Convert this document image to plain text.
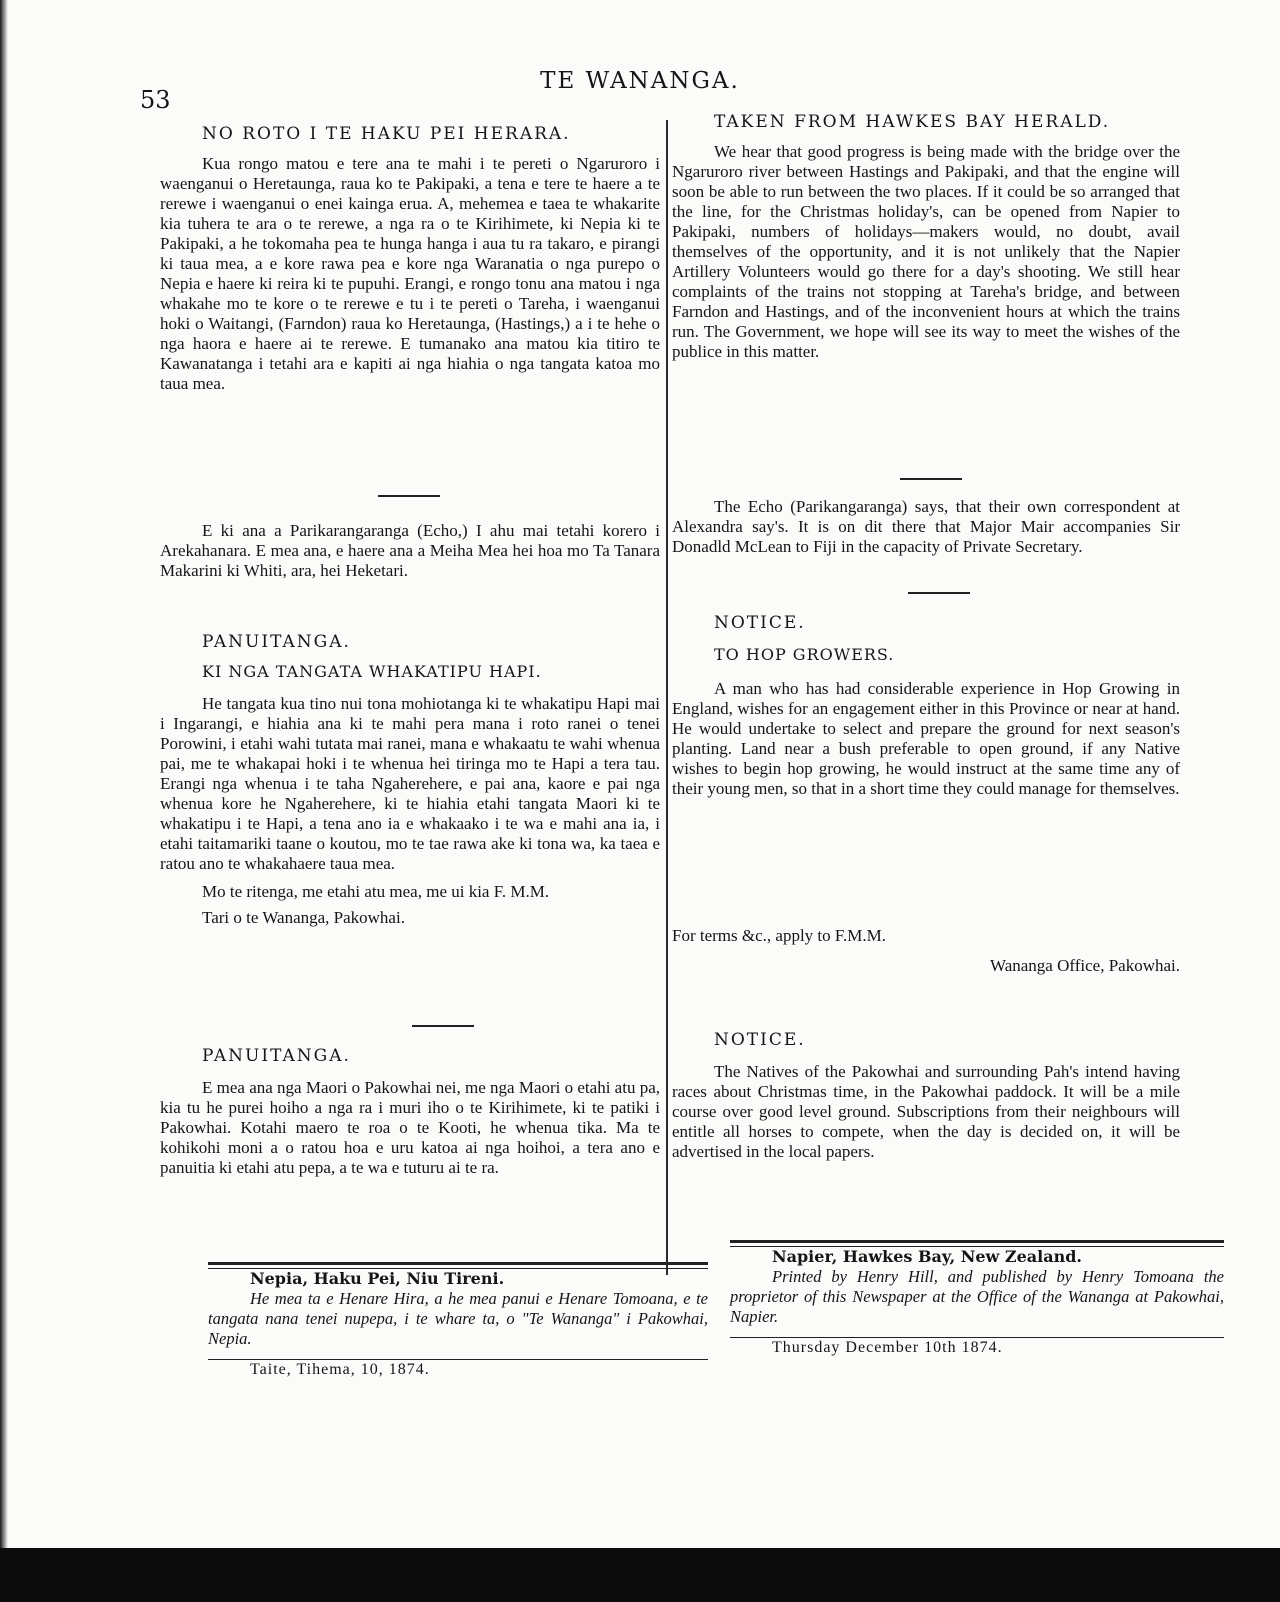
53
TE WANANGA.

NO ROTO I TE HAKU PEI HERARA.

Kua rongo matou e tere ana te mahi i te pereti o Ngaruroro i waenganui o Heretaunga, raua ko te Pakipaki, a tena e tere te haere a te rerewe i waenganui o enei kainga erua. A, mehemea e taea te whakarite kia tuhera te ara o te rerewe, a nga ra o te Kirihimete, ki Nepia ki te Pakipaki, a he tokomaha pea te hunga hanga i aua tu ra takaro, e pirangi ki taua mea, a e kore rawa pea e kore nga Waranatia o nga purepo o Nepia e haere ki reira ki te pupuhi. Erangi, e rongo tonu ana matou i nga whakahe mo te kore o te rerewe e tu i te pereti o Tareha, i waenganui hoki o Waitangi, (Farndon) raua ko Heretaunga, (Hastings,) a i te hehe o nga haora e haere ai te rerewe. E tumanako ana matou kia titiro te Kawanatanga i tetahi ara e kapiti ai nga hiahia o nga tangata katoa mo taua mea.

E ki ana a Parikarangaranga (Echo,) I ahu mai tetahi korero i Arekahanara. E mea ana, e haere ana a Meiha Mea hei hoa mo Ta Tanara Makarini ki Whiti, ara, hei Heketari.

PANUITANGA.

KI NGA TANGATA WHAKATIPU HAPI.

He tangata kua tino nui tona mohiotanga ki te whakatipu Hapi mai i Ingarangi, e hiahia ana ki te mahi pera mana i roto ranei o tenei Porowini, i etahi wahi tutata mai ranei, mana e whakaatu te wahi whenua pai, me te whakapai hoki i te whenua hei tiringa mo te Hapi a tera tau. Erangi nga whenua i te taha Ngaherehere, e pai ana, kaore e pai nga whenua kore he Ngaherehere, ki te hiahia etahi tangata Maori ki te whakatipu i te Hapi, a tena ano ia e whakaako i te wa e mahi ana ia, i etahi taitamariki taane o koutou, mo te tae rawa ake ki tona wa, ka taea e ratou ano te whakahaere taua mea.

Mo te ritenga, me etahi atu mea, me ui kia F. M.M.

Tari o te Wananga, Pakowhai.

PANUITANGA.

E mea ana nga Maori o Pakowhai nei, me nga Maori o etahi atu pa, kia tu he purei hoiho a nga ra i muri iho o te Kirihimete, ki te patiki i Pakowhai. Kotahi maero te roa o te Kooti, he whenua tika. Ma te kohikohi moni a o ratou hoa e uru katoa ai nga hoihoi, a tera ano e panuitia ki etahi atu pepa, a te wa e tuturu ai te ra.

Nepia, Haku Pei, Niu Tireni.

He mea ta e Henare Hira, a he mea panui e Henare Tomoana, e te tangata nana tenei nupepa, i te whare ta, o "Te Wananga" i Pakowhai, Nepia.

Taite, Tihema, 10, 1874.

TAKEN FROM HAWKES BAY HERALD.

We hear that good progress is being made with the bridge over the Ngaruroro river between Hastings and Pakipaki, and that the engine will soon be able to run between the two places. If it could be so arranged that the line, for the Christmas holiday's, can be opened from Napier to Pakipaki, numbers of holidays—makers would, no doubt, avail themselves of the opportunity, and it is not unlikely that the Napier Artillery Volunteers would go there for a day's shooting. We still hear complaints of the trains not stopping at Tareha's bridge, and between Farndon and Hastings, and of the inconvenient hours at which the trains run. The Government, we hope will see its way to meet the wishes of the publice in this matter.

The Echo (Parikangaranga) says, that their own correspondent at Alexandra say's. It is on dit there that Major Mair accompanies Sir Donadld McLean to Fiji in the capacity of Private Secretary.

NOTICE.

TO HOP GROWERS.

A man who has had considerable experience in Hop Growing in England, wishes for an engagement either in this Province or near at hand. He would undertake to select and prepare the ground for next season's planting. Land near a bush preferable to open ground, if any Native wishes to begin hop growing, he would instruct at the same time any of their young men, so that in a short time they could manage for themselves.

For terms &c., apply to F.M.M.

Wananga Office, Pakowhai.

NOTICE.

The Natives of the Pakowhai and surrounding Pah's intend having races about Christmas time, in the Pakowhai paddock. It will be a mile course over good level ground. Subscriptions from their neighbours will entitle all horses to compete, when the day is decided on, it will be advertised in the local papers.

Napier, Hawkes Bay, New Zealand.

Printed by Henry Hill, and published by Henry Tomoana the proprietor of this Newspaper at the Office of the Wananga at Pakowhai, Napier.

Thursday December 10th 1874.
